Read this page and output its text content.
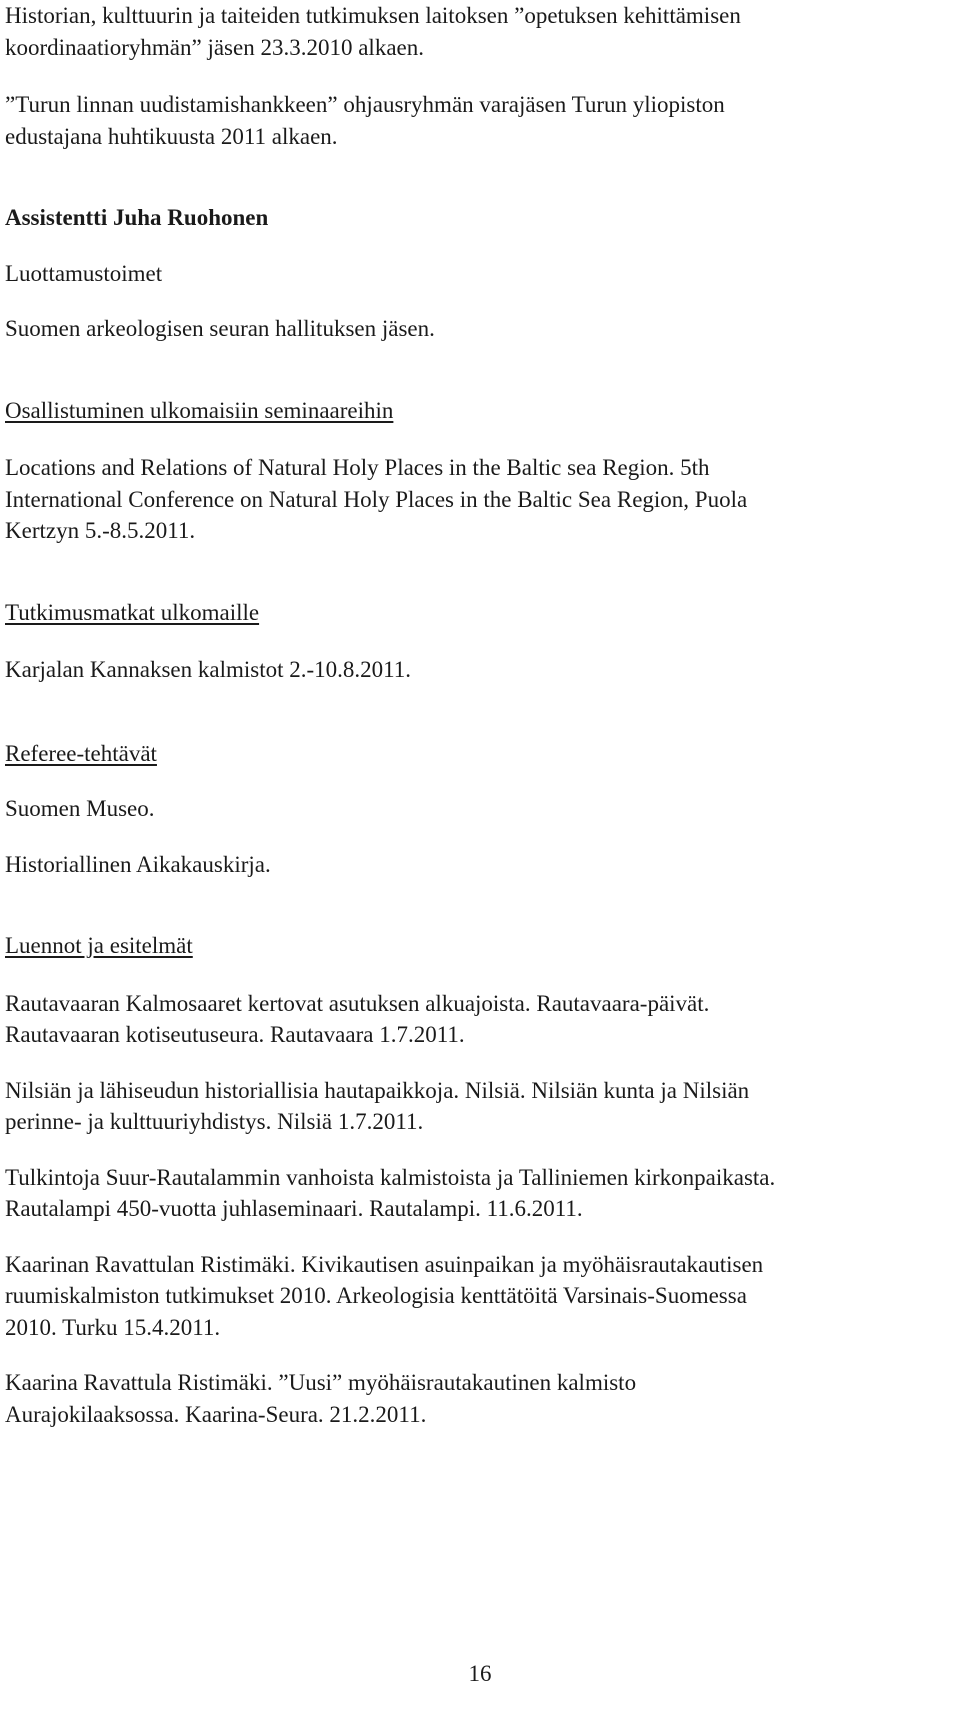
Historian, kulttuurin ja taiteiden tutkimuksen laitoksen ”opetuksen kehittämisen
koordinaatioryhmän” jäsen 23.3.2010 alkaen.

”Turun linnan uudistamishankkeen” ohjausryhmän varajäsen Turun yliopiston
edustajana huhtikuusta 2011 alkaen.

Assistentti Juha Ruohonen

Luottamustoimet

Suomen arkeologisen seuran hallituksen jäsen.

Osallistuminen ulkomaisiin seminaareihin

Locations and Relations of Natural Holy Places in the Baltic sea Region. 5th
International Conference on Natural Holy Places in the Baltic Sea Region, Puola
Kertzyn 5.-8.5.2011.

Tutkimusmatkat ulkomaille

Karjalan Kannaksen kalmistot 2.-10.8.2011.

Referee-tehtävät

Suomen Museo.

Historiallinen Aikakauskirja.

Luennot ja esitelmät

Rautavaaran Kalmosaaret kertovat asutuksen alkuajoista. Rautavaara-päivät.
Rautavaaran kotiseutuseura. Rautavaara 1.7.2011.

Nilsiän ja lähiseudun historiallisia hautapaikkoja. Nilsiä. Nilsiän kunta ja Nilsiän
perinne- ja kulttuuriyhdistys. Nilsiä 1.7.2011.

Tulkintoja Suur-Rautalammin vanhoista kalmistoista ja Talliniemen kirkonpaikasta.
Rautalampi 450-vuotta juhlaseminaari. Rautalampi. 11.6.2011.

Kaarinan Ravattulan Ristimäki. Kivikautisen asuinpaikan ja myöhäisrautakautisen
ruumiskalmiston tutkimukset 2010. Arkeologisia kenttätöitä Varsinais-Suomessa
2010. Turku 15.4.2011.

Kaarina Ravattula Ristimäki. ”Uusi” myöhäisrautakautinen kalmisto
Aurajokilaaksossa. Kaarina-Seura. 21.2.2011.

16
